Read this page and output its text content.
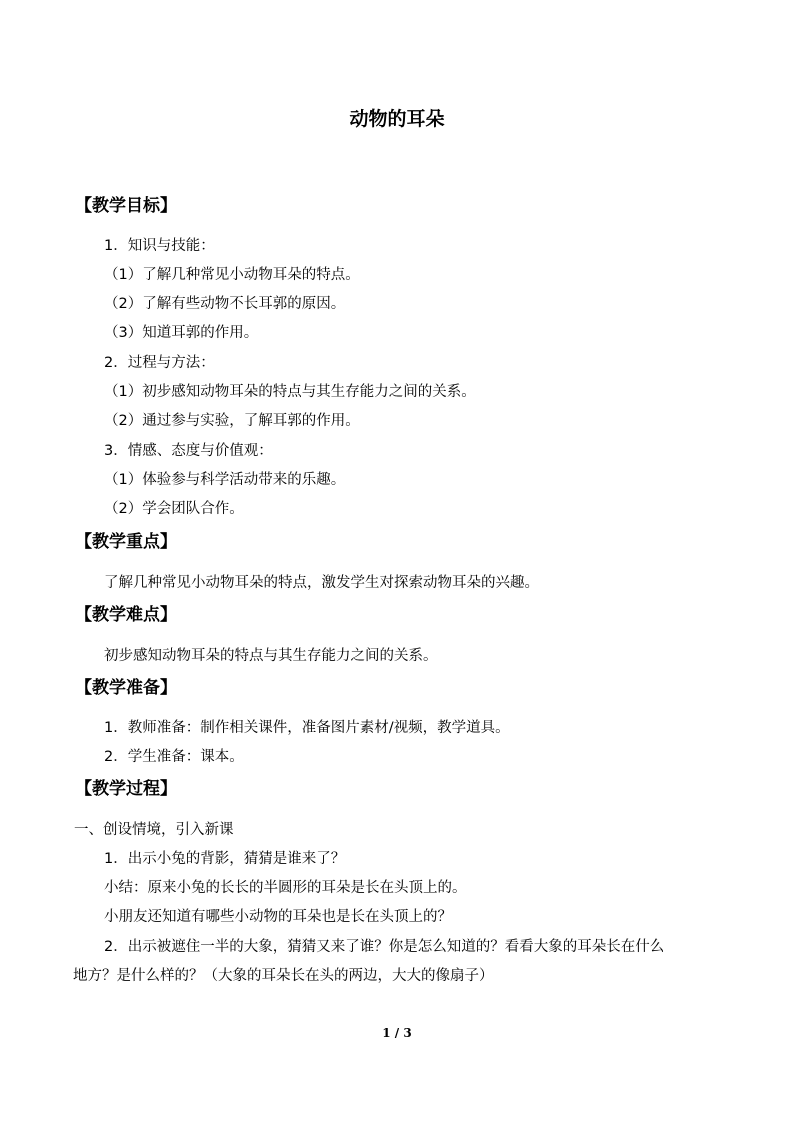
动物的耳朵
【教学目标】
1．知识与技能：
（1）了解几种常见小动物耳朵的特点。
（2）了解有些动物不长耳郭的原因。
（3）知道耳郭的作用。
2．过程与方法：
（1）初步感知动物耳朵的特点与其生存能力之间的关系。
（2）通过参与实验，了解耳郭的作用。
3．情感、态度与价值观：
（1）体验参与科学活动带来的乐趣。
（2）学会团队合作。
【教学重点】
了解几种常见小动物耳朵的特点，激发学生对探索动物耳朵的兴趣。
【教学难点】
初步感知动物耳朵的特点与其生存能力之间的关系。
【教学准备】
1．教师准备：制作相关课件，准备图片素材/视频，教学道具。
2．学生准备：课本。
【教学过程】
一、创设情境，引入新课
1．出示小兔的背影，猜猜是谁来了？
小结：原来小兔的长长的半圆形的耳朵是长在头顶上的。
小朋友还知道有哪些小动物的耳朵也是长在头顶上的？
2．出示被遮住一半的大象，猜猜又来了谁？你是怎么知道的？看看大象的耳朵长在什么
地方？是什么样的？（大象的耳朵长在头的两边，大大的像扇子）
1 / 3
